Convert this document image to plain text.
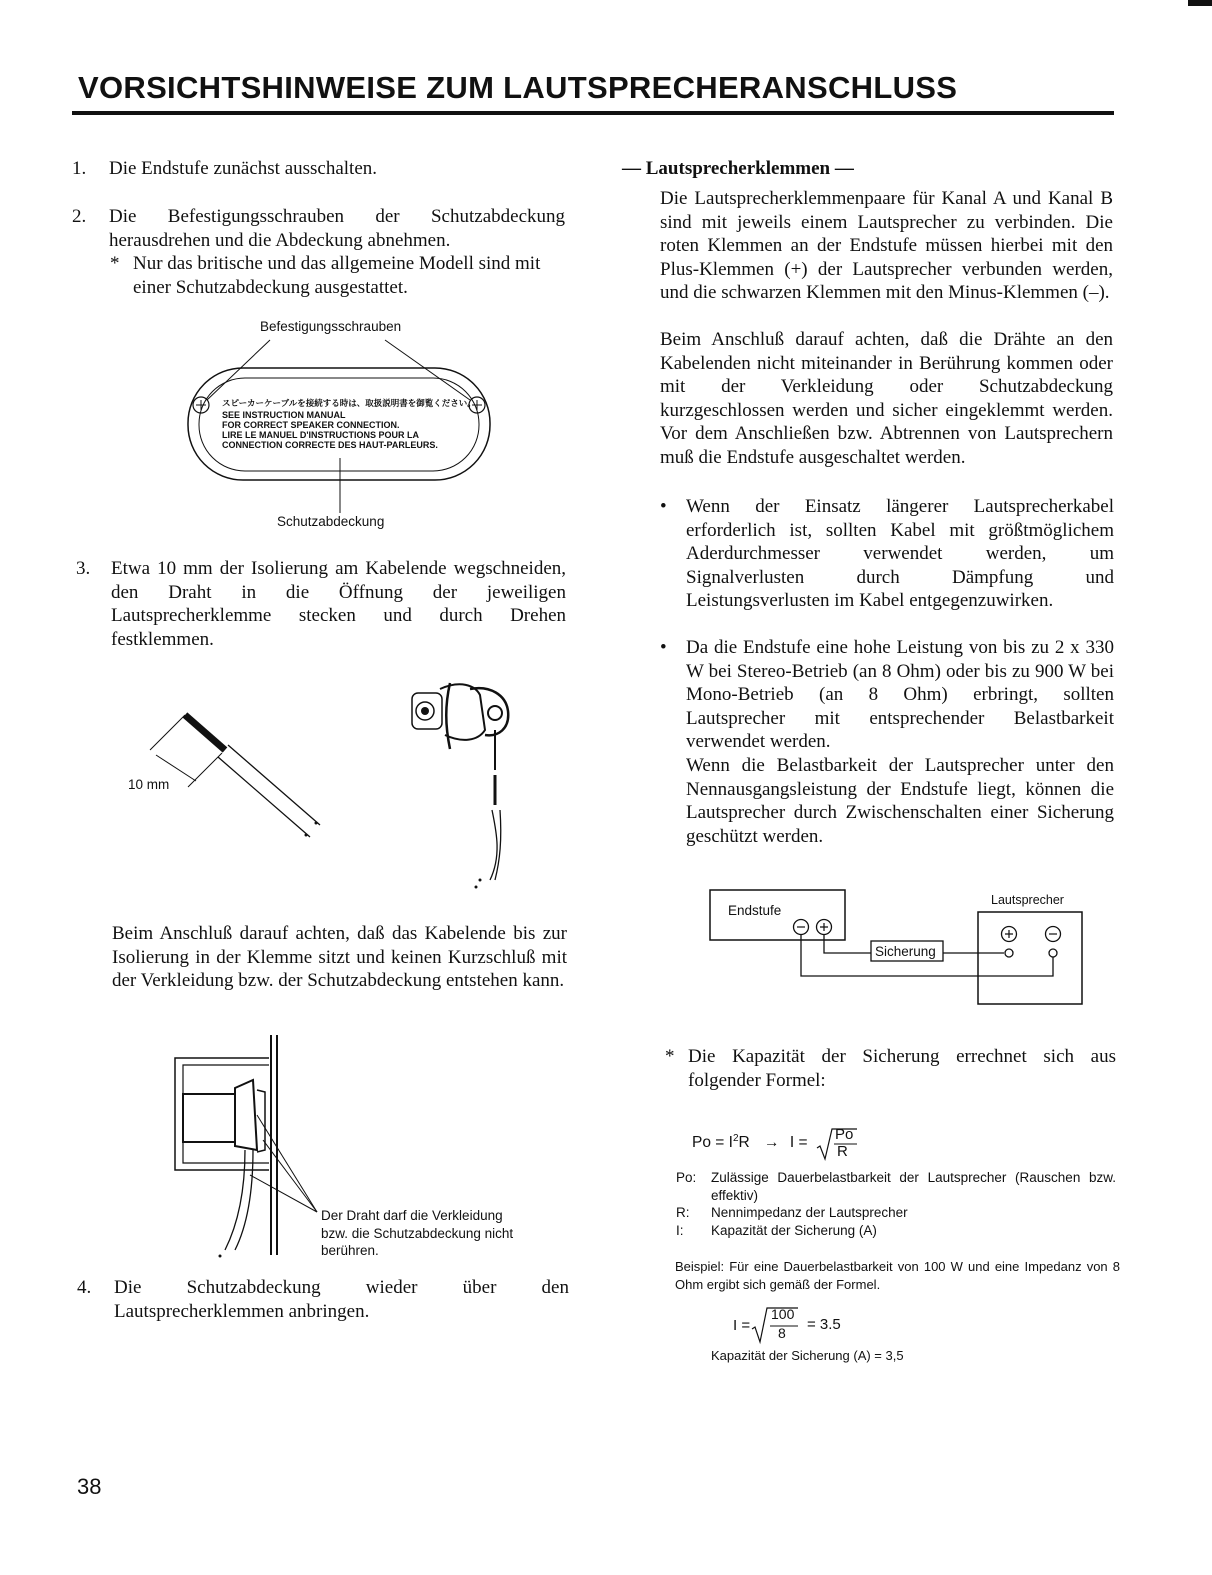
VORSICHTSHINWEISE ZUM LAUTSPRECHERANSCHLUSS
1. Die Endstufe zunächst ausschalten.
2. Die Befestigungsschrauben der Schutzabdeckung herausdrehen und die Abdeckung abnehmen.
* Nur das britische und das allgemeine Modell sind mit einer Schutzabdeckung ausgestattet.
Befestigungsschrauben
スピーカーケーブルを接続する時は、取扱説明書を御覧ください。
SEE INSTRUCTION MANUAL
FOR CORRECT SPEAKER CONNECTION.
LIRE LE MANUEL D'INSTRUCTIONS POUR LA
CONNECTION CORRECTE DES HAUT-PARLEURS.
Schutzabdeckung
3. Etwa 10 mm der Isolierung am Kabelende wegschneiden, den Draht in die Öffnung der jeweiligen Lautsprecherklemme stecken und durch Drehen festklemmen.
10 mm
Beim Anschluß darauf achten, daß das Kabelende bis zur Isolierung in der Klemme sitzt und keinen Kurzschluß mit der Verkleidung bzw. der Schutzabdeckung entstehen kann.
Der Draht darf die Verkleidung
bzw. die Schutzabdeckung nicht
berühren.
4. Die Schutzabdeckung wieder über den Lautsprecherklemmen anbringen.
38
— Lautsprecherklemmen —
Die Lautsprecherklemmenpaare für Kanal A und Kanal B sind mit jeweils einem Lautsprecher zu verbinden. Die roten Klemmen an der Endstufe müssen hierbei mit den Plus-Klemmen (+) der Lautsprecher verbunden werden, und die schwarzen Klemmen mit den Minus-Klemmen (–).
Beim Anschluß darauf achten, daß die Drähte an den Kabelenden nicht miteinander in Berührung kommen oder mit der Verkleidung oder Schutzabdeckung kurzgeschlossen werden und sicher eingeklemmt werden. Vor dem Anschließen bzw. Abtrennen von Lautsprechern muß die Endstufe ausgeschaltet werden.
• Wenn der Einsatz längerer Lautsprecherkabel erforderlich ist, sollten Kabel mit größtmöglichem Aderdurchmesser verwendet werden, um Signalverlusten durch Dämpfung und Leistungsverlusten im Kabel entgegenzuwirken.
• Da die Endstufe eine hohe Leistung von bis zu 2 x 330 W bei Stereo-Betrieb (an 8 Ohm) oder bis zu 900 W bei Mono-Betrieb (an 8 Ohm) erbringt, sollten Lautsprecher mit entsprechender Belastbarkeit verwendet werden.
Wenn die Belastbarkeit der Lautsprecher unter den Nennausgangsleistung der Endstufe liegt, können die Lautsprecher durch Zwischenschalten einer Sicherung geschützt werden.
Endstufe
Lautsprecher
Sicherung
* Die Kapazität der Sicherung errechnet sich aus folgender Formel:
$Po = I^2R \to I = Po$
R
Po: Zulässige Dauerbelastbarkeit der Lautsprecher (Rauschen bzw. effektiv)
R: Nennimpedanz der Lautsprecher
I: Kapazität der Sicherung (A)
Beispiel: Für eine Dauerbelastbarkeit von 100 W und eine Impedanz von 8 Ohm ergibt sich gemäß der Formel.
I =
100
8 = 3.5
Kapazität der Sicherung (A) = 3,5
